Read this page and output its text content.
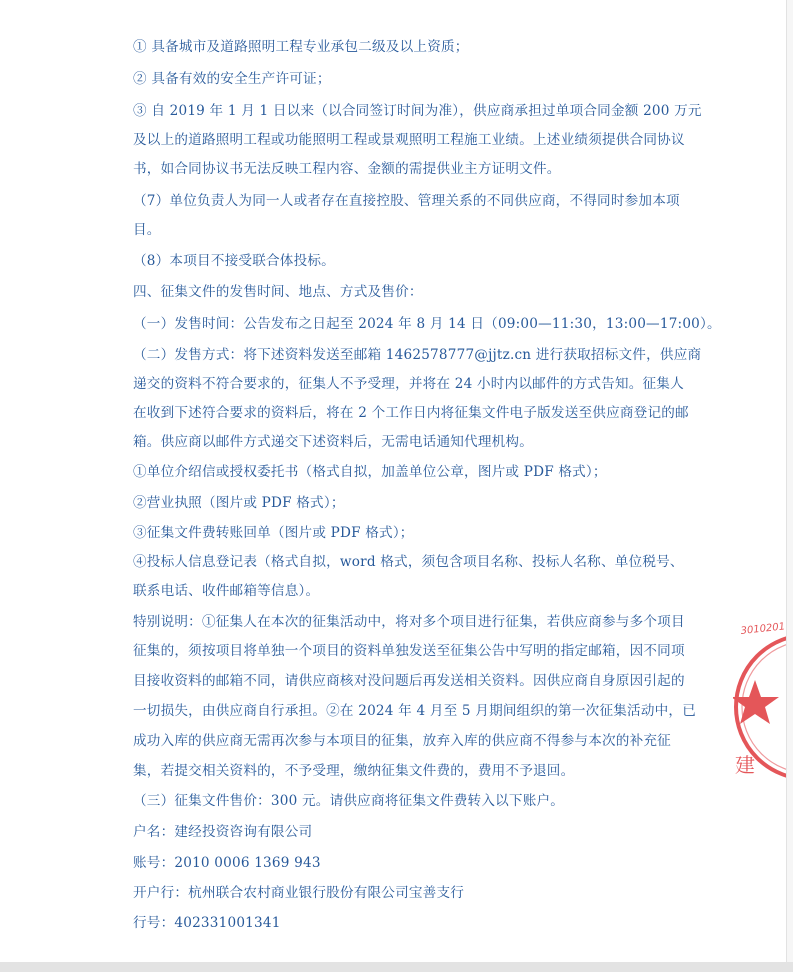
① 具备城市及道路照明工程专业承包二级及以上资质；
② 具备有效的安全生产许可证；
③ 自 2019 年 1 月 1 日以来（以合同签订时间为准），供应商承担过单项合同金额 200 万元
及以上的道路照明工程或功能照明工程或景观照明工程施工业绩。上述业绩须提供合同协议
书，如合同协议书无法反映工程内容、金额的需提供业主方证明文件。
（7）单位负责人为同一人或者存在直接控股、管理关系的不同供应商，不得同时参加本项
目。
（8）本项目不接受联合体投标。
四、征集文件的发售时间、地点、方式及售价：
（一）发售时间：公告发布之日起至 2024 年 8 月 14 日（09:00—11:30，13:00—17:00）。
（二）发售方式：将下述资料发送至邮箱 1462578777@jjtz.cn 进行获取招标文件，供应商
递交的资料不符合要求的，征集人不予受理，并将在 24 小时内以邮件的方式告知。征集人
在收到下述符合要求的资料后，将在 2 个工作日内将征集文件电子版发送至供应商登记的邮
箱。供应商以邮件方式递交下述资料后，无需电话通知代理机构。
①单位介绍信或授权委托书（格式自拟，加盖单位公章，图片或 PDF 格式）；
②营业执照（图片或 PDF 格式）；
③征集文件费转账回单（图片或 PDF 格式）；
④投标人信息登记表（格式自拟，word 格式，须包含项目名称、投标人名称、单位税号、
联系电话、收件邮箱等信息）。
特别说明：①征集人在本次的征集活动中，将对多个项目进行征集，若供应商参与多个项目
征集的，须按项目将单独一个项目的资料单独发送至征集公告中写明的指定邮箱，因不同项
目接收资料的邮箱不同，请供应商核对没问题后再发送相关资料。因供应商自身原因引起的
一切损失，由供应商自行承担。②在 2024 年 4 月至 5 月期间组织的第一次征集活动中，已
成功入库的供应商无需再次参与本项目的征集，放弃入库的供应商不得参与本次的补充征
集，若提交相关资料的，不予受理，缴纳征集文件费的，费用不予退回。
（三）征集文件售价：300 元。请供应商将征集文件费转入以下账户。
户名：建经投资咨询有限公司
账号：2010 0006 1369 943
开户行：杭州联合农村商业银行股份有限公司宝善支行
行号：402331001341
3010201
建
